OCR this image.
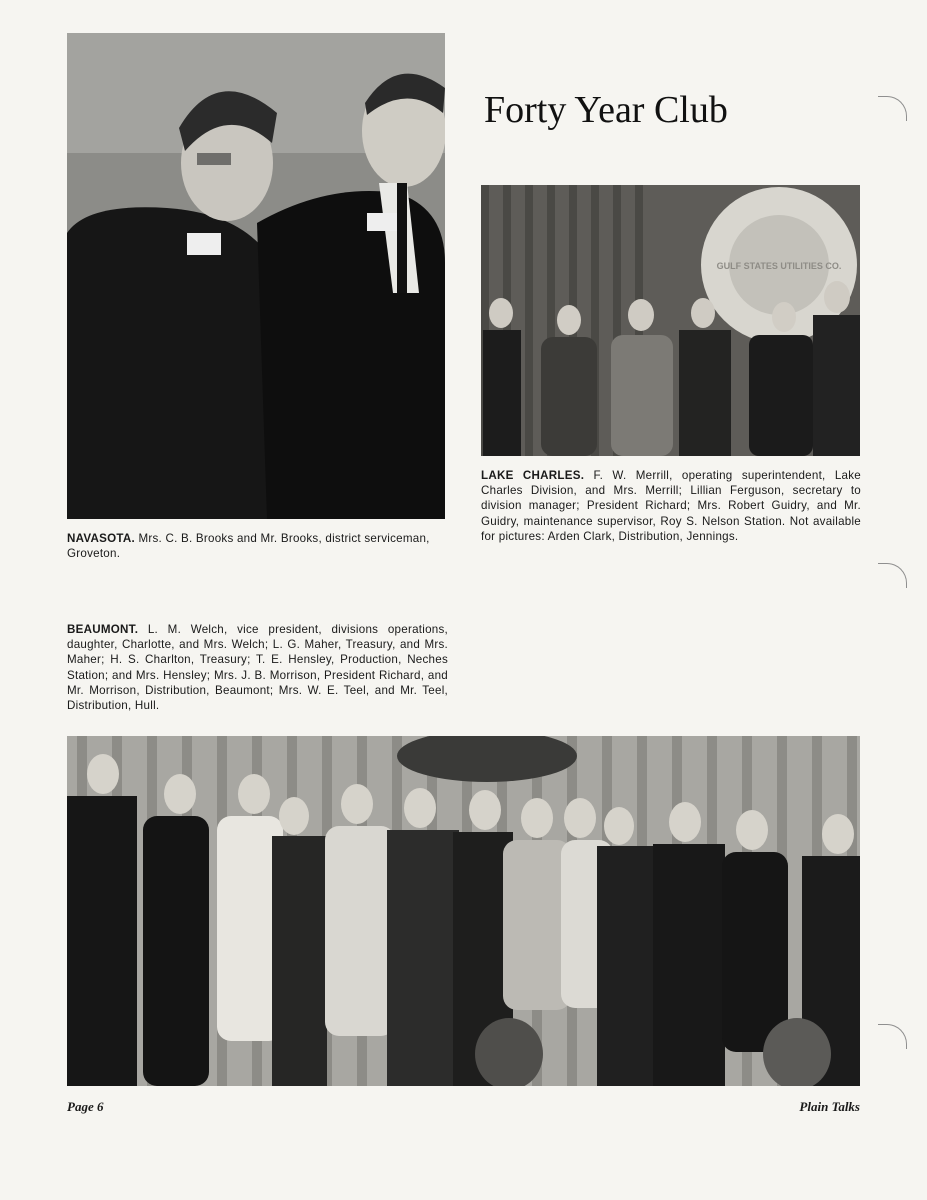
NAVASOTA. Mrs. C. B. Brooks and Mr. Brooks, district serviceman, Groveton.

Forty Year Club
GULF STATES UTILITIES CO.

LAKE CHARLES. F. W. Merrill, operating superintendent, Lake Charles Division, and Mrs. Merrill; Lillian Ferguson, secretary to division manager; President Richard; Mrs. Robert Guidry, and Mr. Guidry, maintenance supervisor, Roy S. Nelson Station. Not available for pictures: Arden Clark, Distribution, Jennings.

BEAUMONT. L. M. Welch, vice president, divisions operations, daughter, Charlotte, and Mrs. Welch; L. G. Maher, Treasury, and Mrs. Maher; H. S. Charlton, Treasury; T. E. Hensley, Production, Neches Station; and Mrs. Hensley; Mrs. J. B. Morrison, President Richard, and Mr. Morrison, Distribution, Beaumont; Mrs. W. E. Teel, and Mr. Teel, Distribution, Hull.

Page 6	Plain Talks
